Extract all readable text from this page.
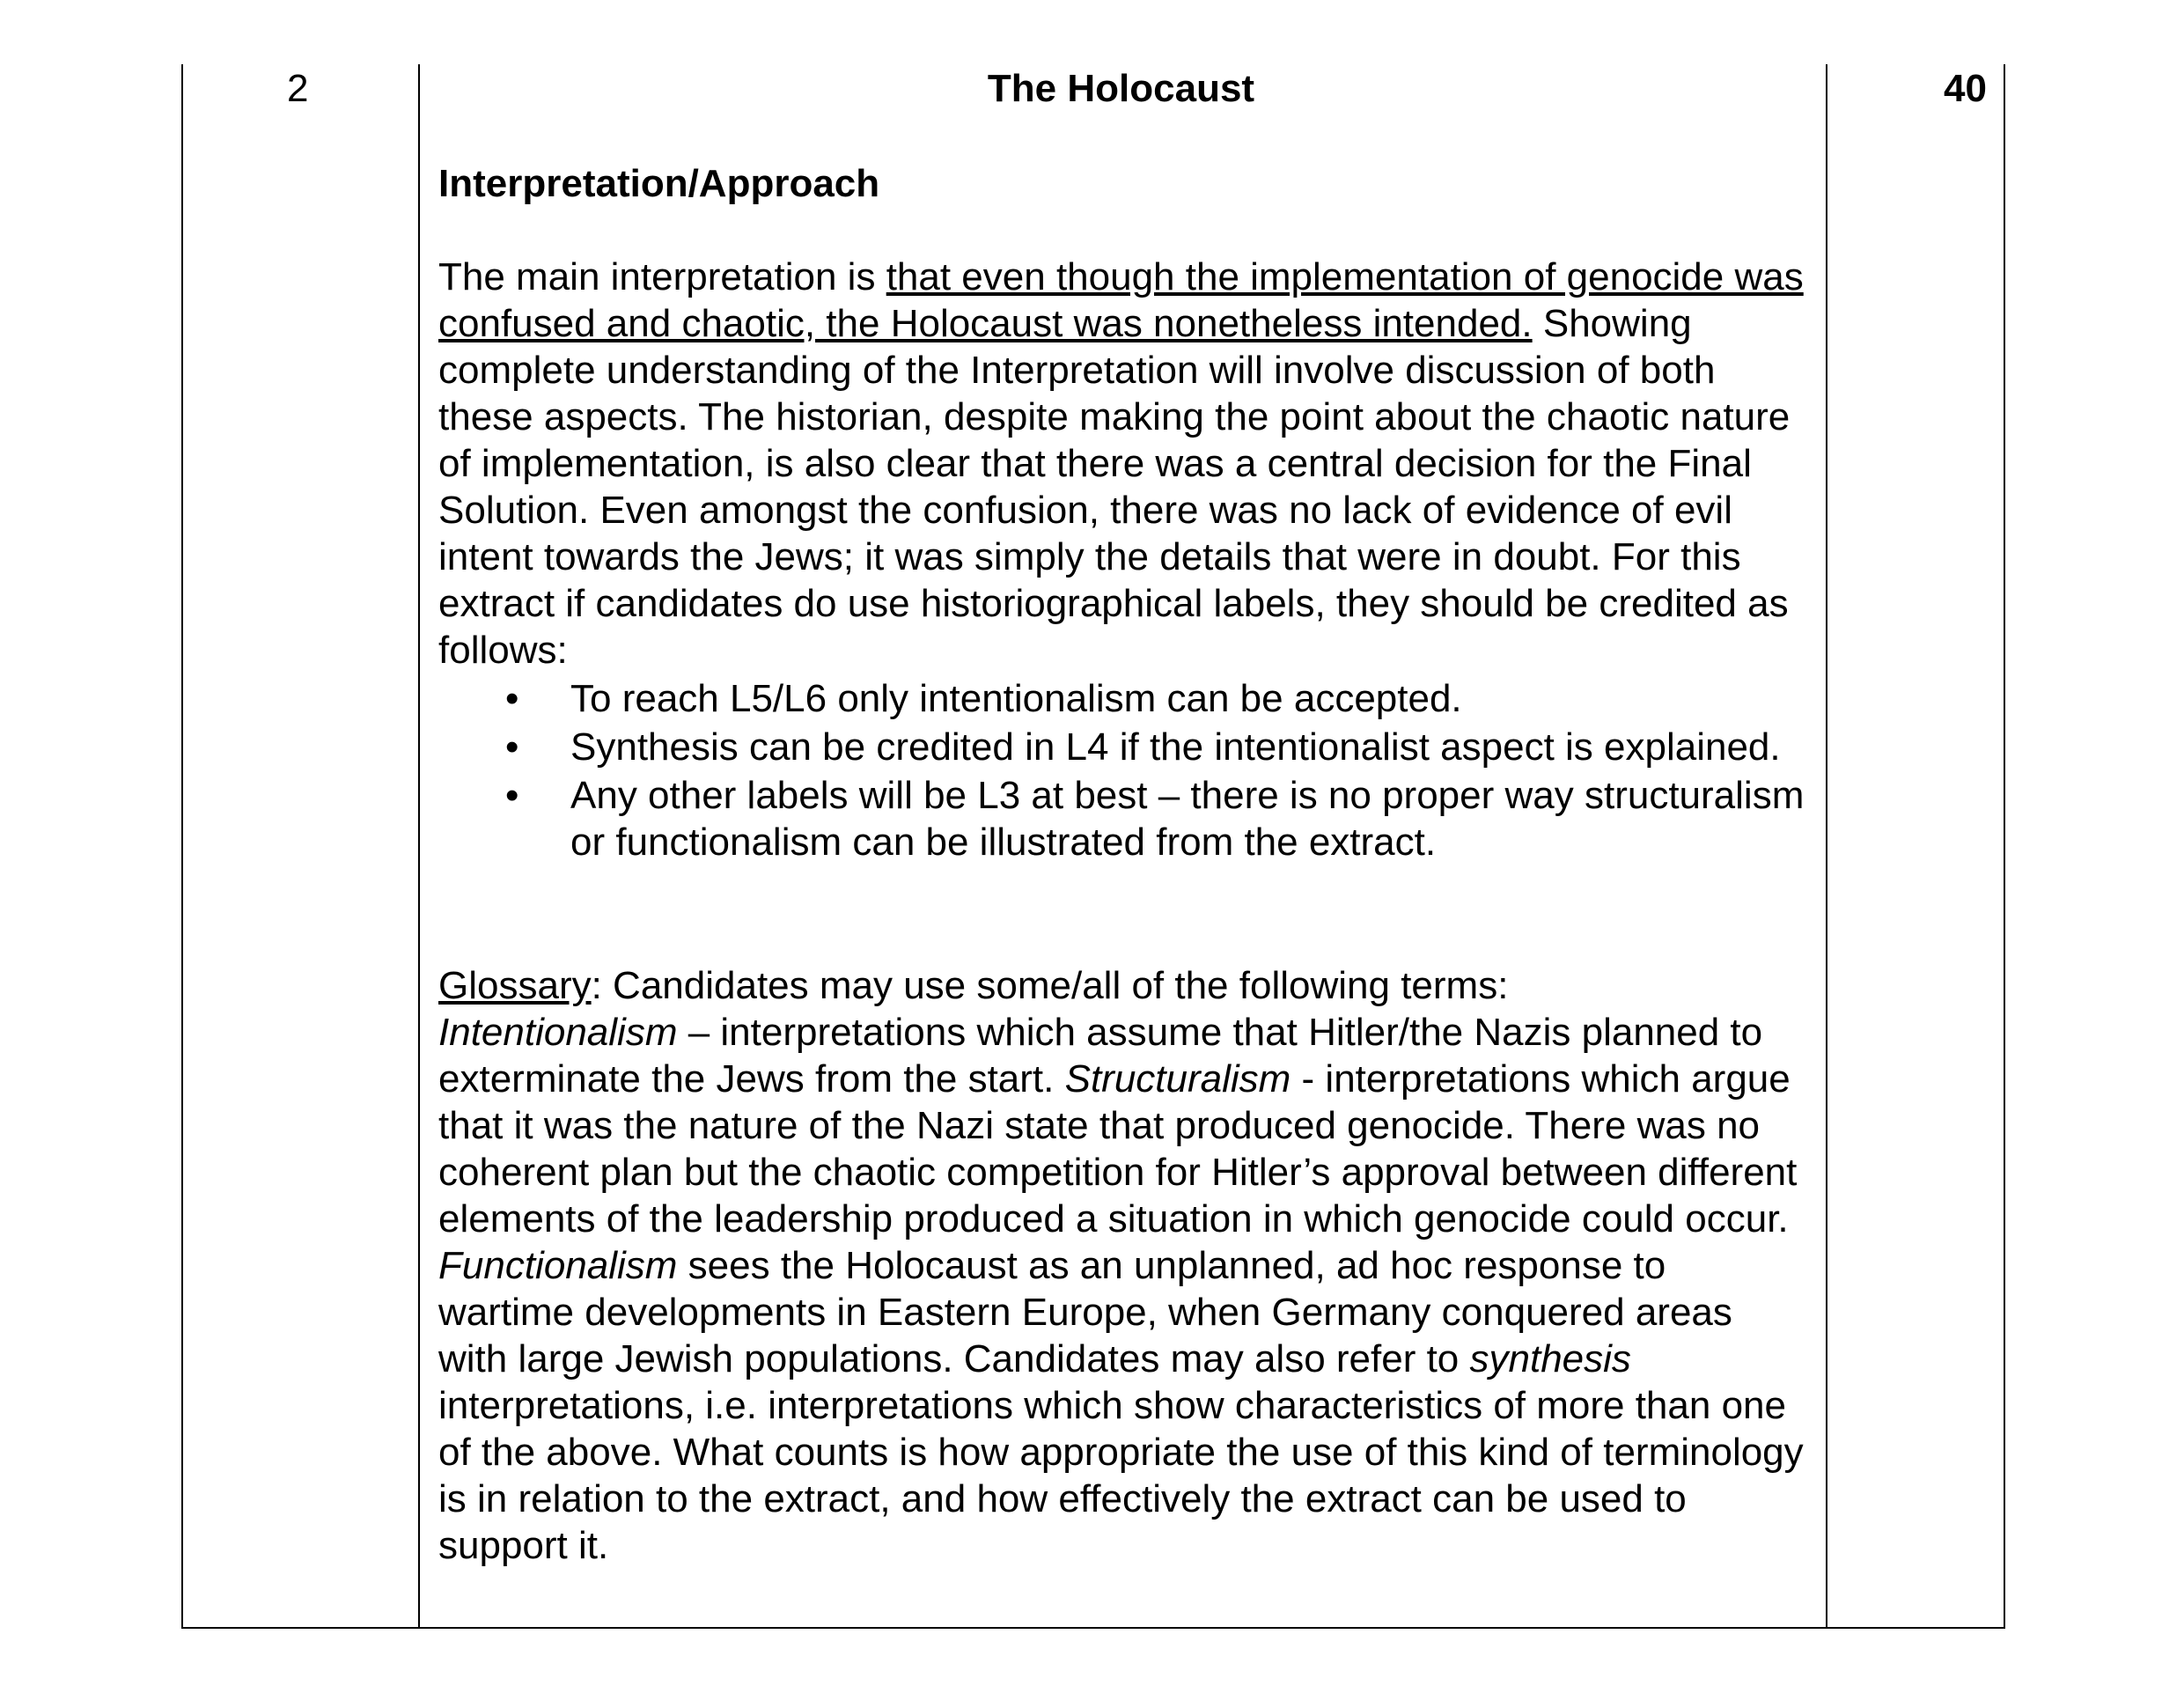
2	The Holocaust	40
Interpretation/Approach

The main interpretation is that even though the implementation of genocide was confused and chaotic, the Holocaust was nonetheless intended. Showing complete understanding of the Interpretation will involve discussion of both these aspects. The historian, despite making the point about the chaotic nature of implementation, is also clear that there was a central decision for the Final Solution. Even amongst the confusion, there was no lack of evidence of evil intent towards the Jews; it was simply the details that were in doubt. For this extract if candidates do use historiographical labels, they should be credited as follows:

• To reach L5/L6 only intentionalism can be accepted.
• Synthesis can be credited in L4 if the intentionalist aspect is explained.
• Any other labels will be L3 at best – there is no proper way structuralism or functionalism can be illustrated from the extract.

Glossary: Candidates may use some/all of the following terms:
Intentionalism – interpretations which assume that Hitler/the Nazis planned to exterminate the Jews from the start. Structuralism - interpretations which argue that it was the nature of the Nazi state that produced genocide. There was no coherent plan but the chaotic competition for Hitler’s approval between different elements of the leadership produced a situation in which genocide could occur. Functionalism sees the Holocaust as an unplanned, ad hoc response to wartime developments in Eastern Europe, when Germany conquered areas with large Jewish populations. Candidates may also refer to synthesis interpretations, i.e. interpretations which show characteristics of more than one of the above. What counts is how appropriate the use of this kind of terminology is in relation to the extract, and how effectively the extract can be used to support it.
